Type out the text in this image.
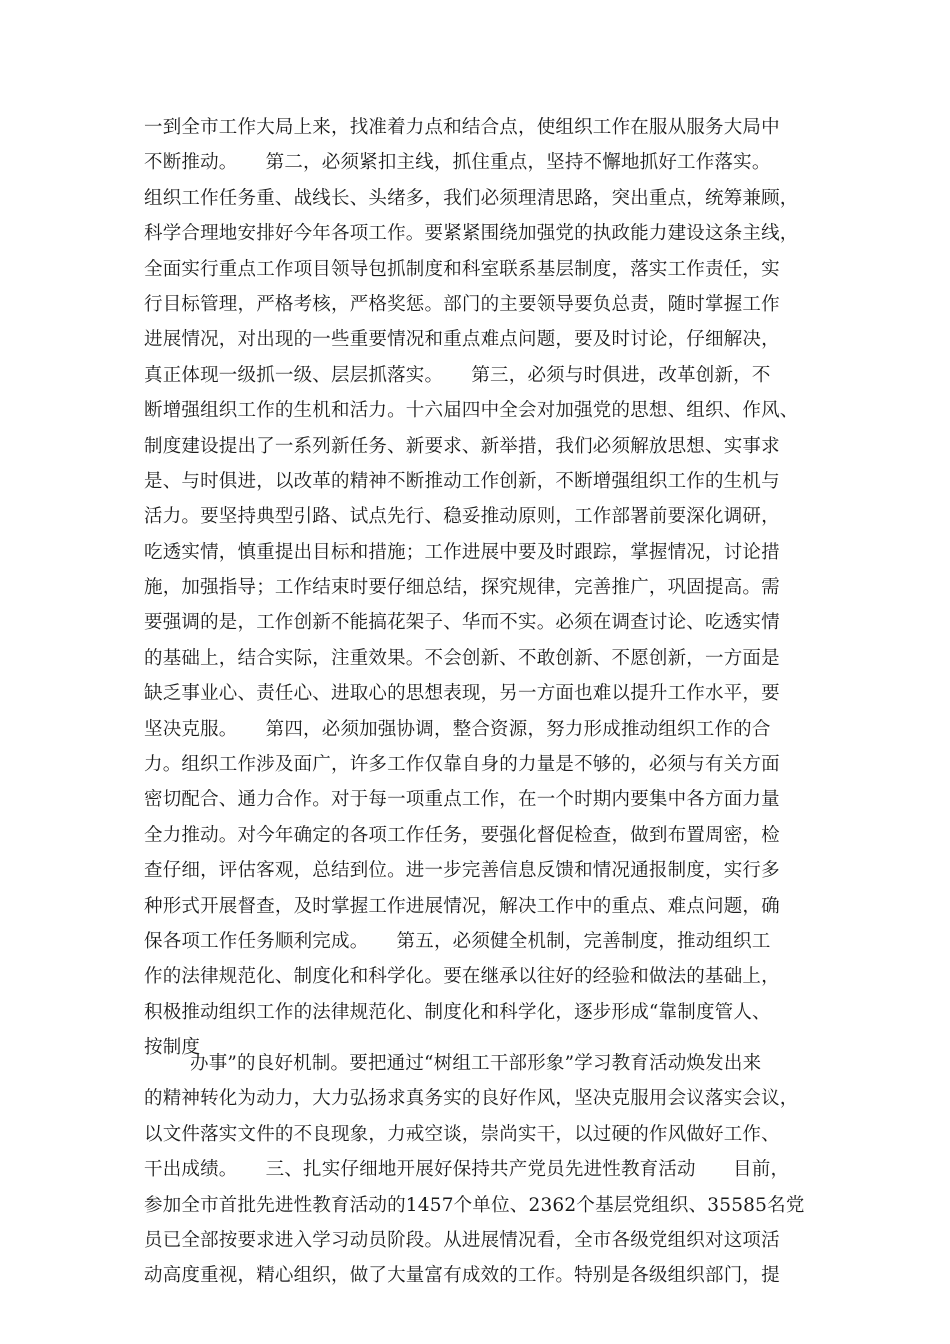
一到全市工作大局上来，找准着力点和结合点，使组织工作在服从服务大局中
不断推动。　　第二，必须紧扣主线，抓住重点，坚持不懈地抓好工作落实。
组织工作任务重、战线长、头绪多，我们必须理清思路，突出重点，统筹兼顾，
科学合理地安排好今年各项工作。要紧紧围绕加强党的执政能力建设这条主线，
全面实行重点工作项目领导包抓制度和科室联系基层制度，落实工作责任，实
行目标管理，严格考核，严格奖惩。部门的主要领导要负总责，随时掌握工作
进展情况，对出现的一些重要情况和重点难点问题，要及时讨论，仔细解决，
真正体现一级抓一级、层层抓落实。　　第三，必须与时俱进，改革创新，不
断增强组织工作的生机和活力。十六届四中全会对加强党的思想、组织、作风、
制度建设提出了一系列新任务、新要求、新举措，我们必须解放思想、实事求
是、与时俱进，以改革的精神不断推动工作创新，不断增强组织工作的生机与
活力。要坚持典型引路、试点先行、稳妥推动原则，工作部署前要深化调研，
吃透实情，慎重提出目标和措施；工作进展中要及时跟踪，掌握情况，讨论措
施，加强指导；工作结束时要仔细总结，探究规律，完善推广，巩固提高。需
要强调的是，工作创新不能搞花架子、华而不实。必须在调查讨论、吃透实情
的基础上，结合实际，注重效果。不会创新、不敢创新、不愿创新，一方面是
缺乏事业心、责任心、进取心的思想表现，另一方面也难以提升工作水平，要
坚决克服。　　第四，必须加强协调，整合资源，努力形成推动组织工作的合
力。组织工作涉及面广，许多工作仅靠自身的力量是不够的，必须与有关方面
密切配合、通力合作。对于每一项重点工作，在一个时期内要集中各方面力量
全力推动。对今年确定的各项工作任务，要强化督促检查，做到布置周密，检
查仔细，评估客观，总结到位。进一步完善信息反馈和情况通报制度，实行多
种形式开展督查，及时掌握工作进展情况，解决工作中的重点、难点问题，确
保各项工作任务顺利完成。　　第五，必须健全机制，完善制度，推动组织工
作的法律规范化、制度化和科学化。要在继承以往好的经验和做法的基础上，
积极推动组织工作的法律规范化、制度化和科学化，逐步形成“靠制度管人、
按制度
办事”的良好机制。要把通过“树组工干部形象”学习教育活动焕发出来
的精神转化为动力，大力弘扬求真务实的良好作风，坚决克服用会议落实会议，
以文件落实文件的不良现象，力戒空谈，崇尚实干，以过硬的作风做好工作、
干出成绩。　　三、扎实仔细地开展好保持共产党员先进性教育活动　　目前，
参加全市首批先进性教育活动的1457个单位、2362个基层党组织、35585名党
员已全部按要求进入学习动员阶段。从进展情况看，全市各级党组织对这项活
动高度重视，精心组织，做了大量富有成效的工作。特别是各级组织部门，提
